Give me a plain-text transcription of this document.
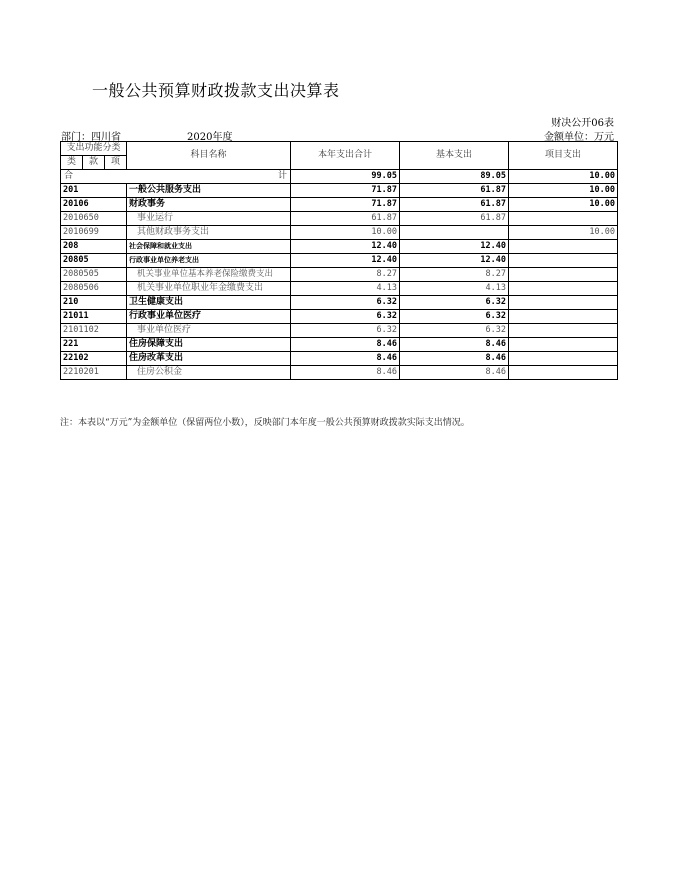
一般公共预算财政拨款支出决算表
财决公开06表
部门：四川省	2020年度	金额单位：万元
支出功能分类			科目名称	本年支出合计	基本支出	项目支出
类	款	项				

合 计				99.05	89.05	10.00
201			一般公共服务支出	71.87	61.87	10.00
20106			财政事务	71.87	61.87	10.00
2010650			事业运行	61.87	61.87	
2010699			其他财政事务支出	10.00		10.00
208			社会保障和就业支出	12.40	12.40	
20805			行政事业单位养老支出	12.40	12.40	
2080505			机关事业单位基本养老保险缴费支出	8.27	8.27	
2080506			机关事业单位职业年金缴费支出	4.13	4.13	
210			卫生健康支出	6.32	6.32	
21011			行政事业单位医疗	6.32	6.32	
2101102			事业单位医疗	6.32	6.32	
221			住房保障支出	8.46	8.46	
22102			住房改革支出	8.46	8.46	
2210201			住房公积金	8.46	8.46	
注：本表以“万元”为金额单位（保留两位小数），反映部门本年度一般公共预算财政拨款实际支出情况。
